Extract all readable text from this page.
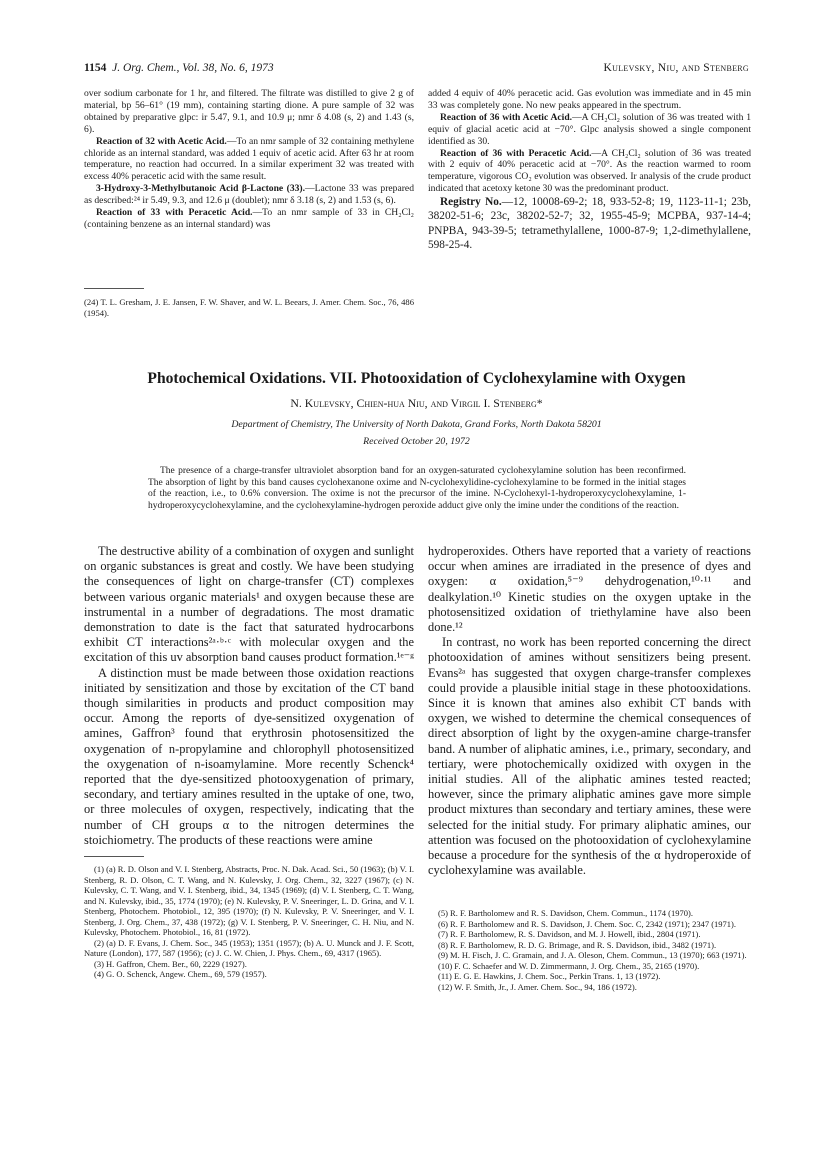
1154 J. Org. Chem., Vol. 38, No. 6, 1973	Kulevsky, Niu, and Stenberg

over sodium carbonate for 1 hr, and filtered. The filtrate was distilled to give 2 g of material, bp 56–61° (19 mm), containing starting dione. A pure sample of 32 was obtained by preparative glpc: ir 5.47, 9.1, and 10.9 μ; nmr δ 4.08 (s, 2) and 1.43 (s, 6).

Reaction of 32 with Acetic Acid.—To an nmr sample of 32 containing methylene chloride as an internal standard, was added 1 equiv of acetic acid. After 63 hr at room temperature, no reaction had occurred. In a similar experiment 32 was treated with excess 40% peracetic acid with the same result.

3-Hydroxy-3-Methylbutanoic Acid β-Lactone (33).—Lactone 33 was prepared as described:²⁴ ir 5.49, 9.3, and 12.6 μ (doublet); nmr δ 3.18 (s, 2) and 1.53 (s, 6).

Reaction of 33 with Peracetic Acid.—To an nmr sample of 33 in CH₂Cl₂ (containing benzene as an internal standard) was

(24) T. L. Gresham, J. E. Jansen, F. W. Shaver, and W. L. Beears, J. Amer. Chem. Soc., 76, 486 (1954).

added 4 equiv of 40% peracetic acid. Gas evolution was immediate and in 45 min 33 was completely gone. No new peaks appeared in the spectrum.

Reaction of 36 with Acetic Acid.—A CH₂Cl₂ solution of 36 was treated with 1 equiv of glacial acetic acid at −70°. Glpc analysis showed a single component identified as 30.

Reaction of 36 with Peracetic Acid.—A CH₂Cl₂ solution of 36 was treated with 2 equiv of 40% peracetic acid at −70°. As the reaction warmed to room temperature, vigorous CO₂ evolution was observed. Ir analysis of the crude product indicated that acetoxy ketone 30 was the predominant product.

Registry No.—12, 10008-69-2; 18, 933-52-8; 19, 1123-11-1; 23b, 38202-51-6; 23c, 38202-52-7; 32, 1955-45-9; MCPBA, 937-14-4; PNPBA, 943-39-5; tetramethylallene, 1000-87-9; 1,2-dimethylallene, 598-25-4.

Photochemical Oxidations. VII. Photooxidation of Cyclohexylamine with Oxygen
N. Kulevsky, Chien-hua Niu, and Virgil I. Stenberg*
Department of Chemistry, The University of North Dakota, Grand Forks, North Dakota 58201
Received October 20, 1972

The presence of a charge-transfer ultraviolet absorption band for an oxygen-saturated cyclohexylamine solution has been reconfirmed. The absorption of light by this band causes cyclohexanone oxime and N-cyclohexylidine-cyclohexylamine to be formed in the initial stages of the reaction, i.e., to 0.6% conversion. The oxime is not the precursor of the imine. N-Cyclohexyl-1-hydroperoxycyclohexylamine, 1-hydroperoxycyclohexylamine, and the cyclohexylamine-hydrogen peroxide adduct give only the imine under the conditions of the reaction.

The destructive ability of a combination of oxygen and sunlight on organic substances is great and costly. We have been studying the consequences of light on charge-transfer (CT) complexes between various organic materials¹ and oxygen because these are instrumental in a number of degradations. The most dramatic demonstration to date is the fact that saturated hydrocarbons exhibit CT interactions²ᵃ·ᵇ·ᶜ with molecular oxygen and the excitation of this uv absorption band causes product formation.¹ᵉ⁻ᵍ

A distinction must be made between those oxidation reactions initiated by sensitization and those by excitation of the CT band though similarities in products and product composition may occur. Among the reports of dye-sensitized oxygenation of amines, Gaffron³ found that erythrosin photosensitized the oxygenation of n-propylamine and chlorophyll photosensitized the oxygenation of n-isoamylamine. More recently Schenck⁴ reported that the dye-sensitized photooxygenation of primary, secondary, and tertiary amines resulted in the uptake of one, two, or three molecules of oxygen, respectively, indicating that the number of CH groups α to the nitrogen determines the stoichiometry. The products of these reactions were amine

hydroperoxides. Others have reported that a variety of reactions occur when amines are irradiated in the presence of dyes and oxygen: α oxidation,⁵⁻⁹ dehydrogenation,¹⁰·¹¹ and dealkylation.¹⁰ Kinetic studies on the oxygen uptake in the photosensitized oxidation of triethylamine have also been done.¹²

In contrast, no work has been reported concerning the direct photooxidation of amines without sensitizers being present. Evans²ᵃ has suggested that oxygen charge-transfer complexes could provide a plausible initial stage in these photooxidations. Since it is known that amines also exhibit CT bands with oxygen, we wished to determine the chemical consequences of direct absorption of light by the oxygen-amine charge-transfer band. A number of aliphatic amines, i.e., primary, secondary, and tertiary, were photochemically oxidized with oxygen in the initial studies. All of the aliphatic amines tested reacted; however, since the primary aliphatic amines gave more simple product mixtures than secondary and tertiary amines, these were selected for the initial study. For primary aliphatic amines, our attention was focused on the photooxidation of cyclohexylamine because a procedure for the synthesis of the α hydroperoxide of cyclohexylamine was available.

(1) (a) R. D. Olson and V. I. Stenberg, Abstracts, Proc. N. Dak. Acad. Sci., 50 (1963); (b) V. I. Stenberg, R. D. Olson, C. T. Wang, and N. Kulevsky, J. Org. Chem., 32, 3227 (1967); (c) N. Kulevsky, C. T. Wang, and V. I. Stenberg, ibid., 34, 1345 (1969); (d) V. I. Stenberg, C. T. Wang, and N. Kulevsky, ibid., 35, 1774 (1970); (e) N. Kulevsky, P. V. Sneeringer, L. D. Grina, and V. I. Stenberg, Photochem. Photobiol., 12, 395 (1970); (f) N. Kulevsky, P. V. Sneeringer, and V. I. Stenberg, J. Org. Chem., 37, 438 (1972); (g) V. I. Stenberg, P. V. Sneeringer, C. H. Niu, and N. Kulevsky, Photochem. Photobiol., 16, 81 (1972).

(2) (a) D. F. Evans, J. Chem. Soc., 345 (1953); 1351 (1957); (b) A. U. Munck and J. F. Scott, Nature (London), 177, 587 (1956); (c) J. C. W. Chien, J. Phys. Chem., 69, 4317 (1965).

(3) H. Gaffron, Chem. Ber., 60, 2229 (1927).

(4) G. O. Schenck, Angew. Chem., 69, 579 (1957).

(5) R. F. Bartholomew and R. S. Davidson, Chem. Commun., 1174 (1970).

(6) R. F. Bartholomew and R. S. Davidson, J. Chem. Soc. C, 2342 (1971); 2347 (1971).

(7) R. F. Bartholomew, R. S. Davidson, and M. J. Howell, ibid., 2804 (1971).

(8) R. F. Bartholomew, R. D. G. Brimage, and R. S. Davidson, ibid., 3482 (1971).

(9) M. H. Fisch, J. C. Gramain, and J. A. Oleson, Chem. Commun., 13 (1970); 663 (1971).

(10) F. C. Schaefer and W. D. Zimmermann, J. Org. Chem., 35, 2165 (1970).

(11) E. G. E. Hawkins, J. Chem. Soc., Perkin Trans. 1, 13 (1972).

(12) W. F. Smith, Jr., J. Amer. Chem. Soc., 94, 186 (1972).
